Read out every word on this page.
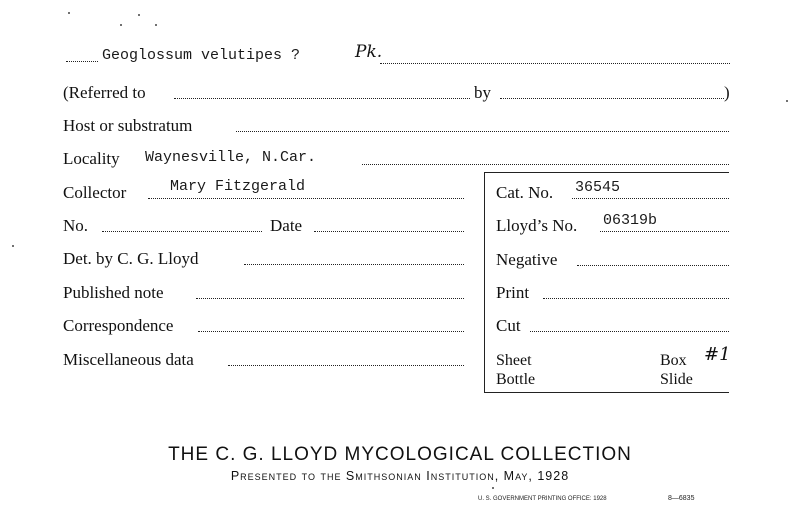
Geoglossum velutipes ?	Pk.
(Referred to	by	)
Host or substratum
Locality Waynesville, N.Car.
Collector	Mary Fitzgerald	Cat. No. 36545
No.	Date	Lloyd’s No. 06319b
Det. by C. G. Lloyd	Negative
Published note	Print
Correspondence	Cut
Miscellaneous data	Sheet	Box #1
Bottle	Slide
THE C. G. LLOYD MYCOLOGICAL COLLECTION
Presented to the Smithsonian Institution, May, 1928
U. S. GOVERNMENT PRINTING OFFICE: 1928	8—6835
